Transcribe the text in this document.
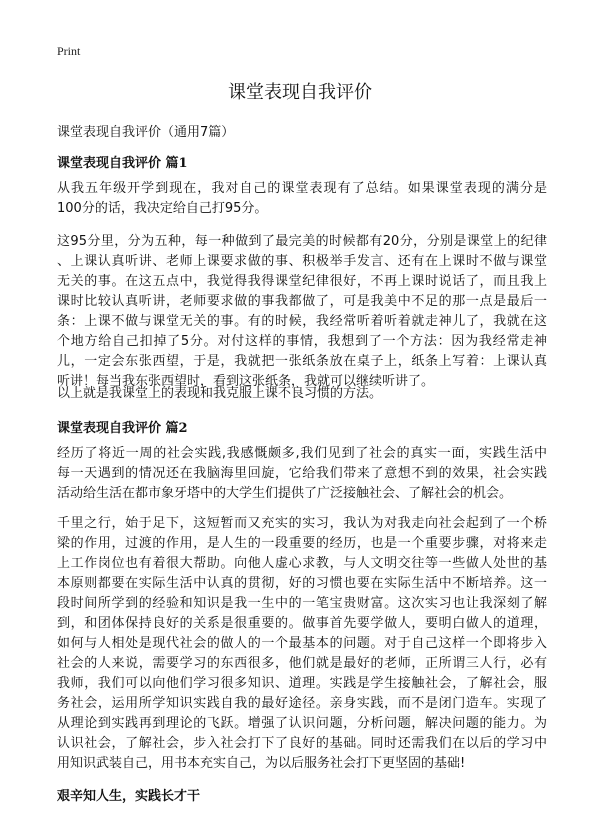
Print
课堂表现自我评价

课堂表现自我评价（通用7篇）

课堂表现自我评价 篇1
从我五年级开学到现在，我对自己的课堂表现有了总结。如果课堂表现的满分是
100分的话，我决定给自己打95分。
这95分里，分为五种，每一种做到了最完美的时候都有20分，分别是课堂上的纪律
、上课认真听讲、老师上课要求做的事、积极举手发言、还有在上课时不做与课堂
无关的事。在这五点中，我觉得我得课堂纪律很好，不再上课时说话了，而且我上
课时比较认真听讲，老师要求做的事我都做了，可是我美中不足的那一点是最后一
条：上课不做与课堂无关的事。有的时候，我经常听着听着就走神儿了，我就在这
个地方给自己扣掉了5分。对付这样的事情，我想到了一个方法：因为我经常走神
儿，一定会东张西望，于是，我就把一张纸条放在桌子上，纸条上写着：上课认真
听讲！每当我东张西望时，看到这张纸条，我就可以继续听讲了。
以上就是我课堂上的表现和我克服上课不良习惯的方法。
课堂表现自我评价 篇2
经历了将近一周的社会实践,我感慨颇多,我们见到了社会的真实一面，实践生活中
每一天遇到的情况还在我脑海里回旋，它给我们带来了意想不到的效果，社会实践
活动给生活在都市象牙塔中的大学生们提供了广泛接触社会、了解社会的机会。
千里之行，始于足下，这短暂而又充实的实习，我认为对我走向社会起到了一个桥
梁的作用，过渡的作用，是人生的一段重要的经历，也是一个重要步骤，对将来走
上工作岗位也有着很大帮助。向他人虚心求教，与人文明交往等一些做人处世的基
本原则都要在实际生活中认真的贯彻，好的习惯也要在实际生活中不断培养。这一
段时间所学到的经验和知识是我一生中的一笔宝贵财富。这次实习也让我深刻了解
到，和团体保持良好的关系是很重要的。做事首先要学做人，要明白做人的道理，
如何与人相处是现代社会的做人的一个最基本的问题。对于自己这样一个即将步入
社会的人来说，需要学习的东西很多，他们就是最好的老师，正所谓三人行，必有
我师，我们可以向他们学习很多知识、道理。实践是学生接触社会，了解社会，服
务社会，运用所学知识实践自我的最好途径。亲身实践，而不是闭门造车。实现了
从理论到实践再到理论的飞跃。增强了认识问题，分析问题，解决问题的能力。为
认识社会，了解社会，步入社会打下了良好的基础。同时还需我们在以后的学习中
用知识武装自己，用书本充实自己，为以后服务社会打下更坚固的基础!
艰辛知人生，实践长才干
